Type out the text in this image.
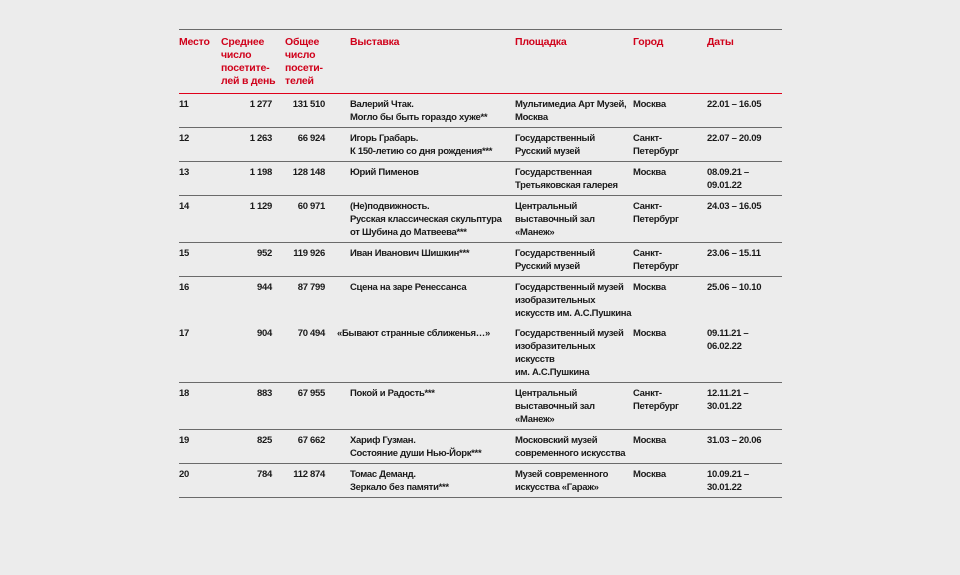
Место	Среднее
число
посетите-
лей в день	Общее
число
посети-
телей	Выставка	Площадка	Город	Даты

11	1 277	131 510	Валерий Чтак.
Могло бы быть гораздо хуже**	Мультимедиа Арт Музей,
Москва	Москва	22.01 – 16.05

12	1 263	66 924	Игорь Грабарь.
К 150-летию со дня рождения***	Государственный
Русский музей	Санкт-Петербург	22.07 – 20.09

13	1 198	128 148	Юрий Пименов	Государственная
Третьяковская галерея	Москва	08.09.21 – 09.01.22

14	1 129	60 971	(Не)подвижность.
Русская классическая скульптура
от Шубина до Матвеева***	Центральный
выставочный зал «Манеж»	Санкт-Петербург	24.03 – 16.05

15	952	119 926	Иван Иванович Шишкин***	Государственный
Русский музей	Санкт-Петербург	23.06 – 15.11

16	944	87 799	Сцена на заре Ренессанса	Государственный музей
изобразительных
искусств им. А.С.Пушкина	Москва	25.06 – 10.10

17	904	70 494	«Бывают странные сближенья…»	Государственный музей
изобразительных искусств
им. А.С.Пушкина	Москва	09.11.21 – 06.02.22

18	883	67 955	Покой и Радость***	Центральный
выставочный зал «Манеж»	Санкт-Петербург	12.11.21 – 30.01.22

19	825	67 662	Хариф Гузман.
Состояние души Нью-Йорк***	Московский музей
современного искусства	Москва	31.03 – 20.06

20	784	112 874	Томас Деманд.
Зеркало без памяти***	Музей современного
искусства «Гараж»	Москва	10.09.21 – 30.01.22
